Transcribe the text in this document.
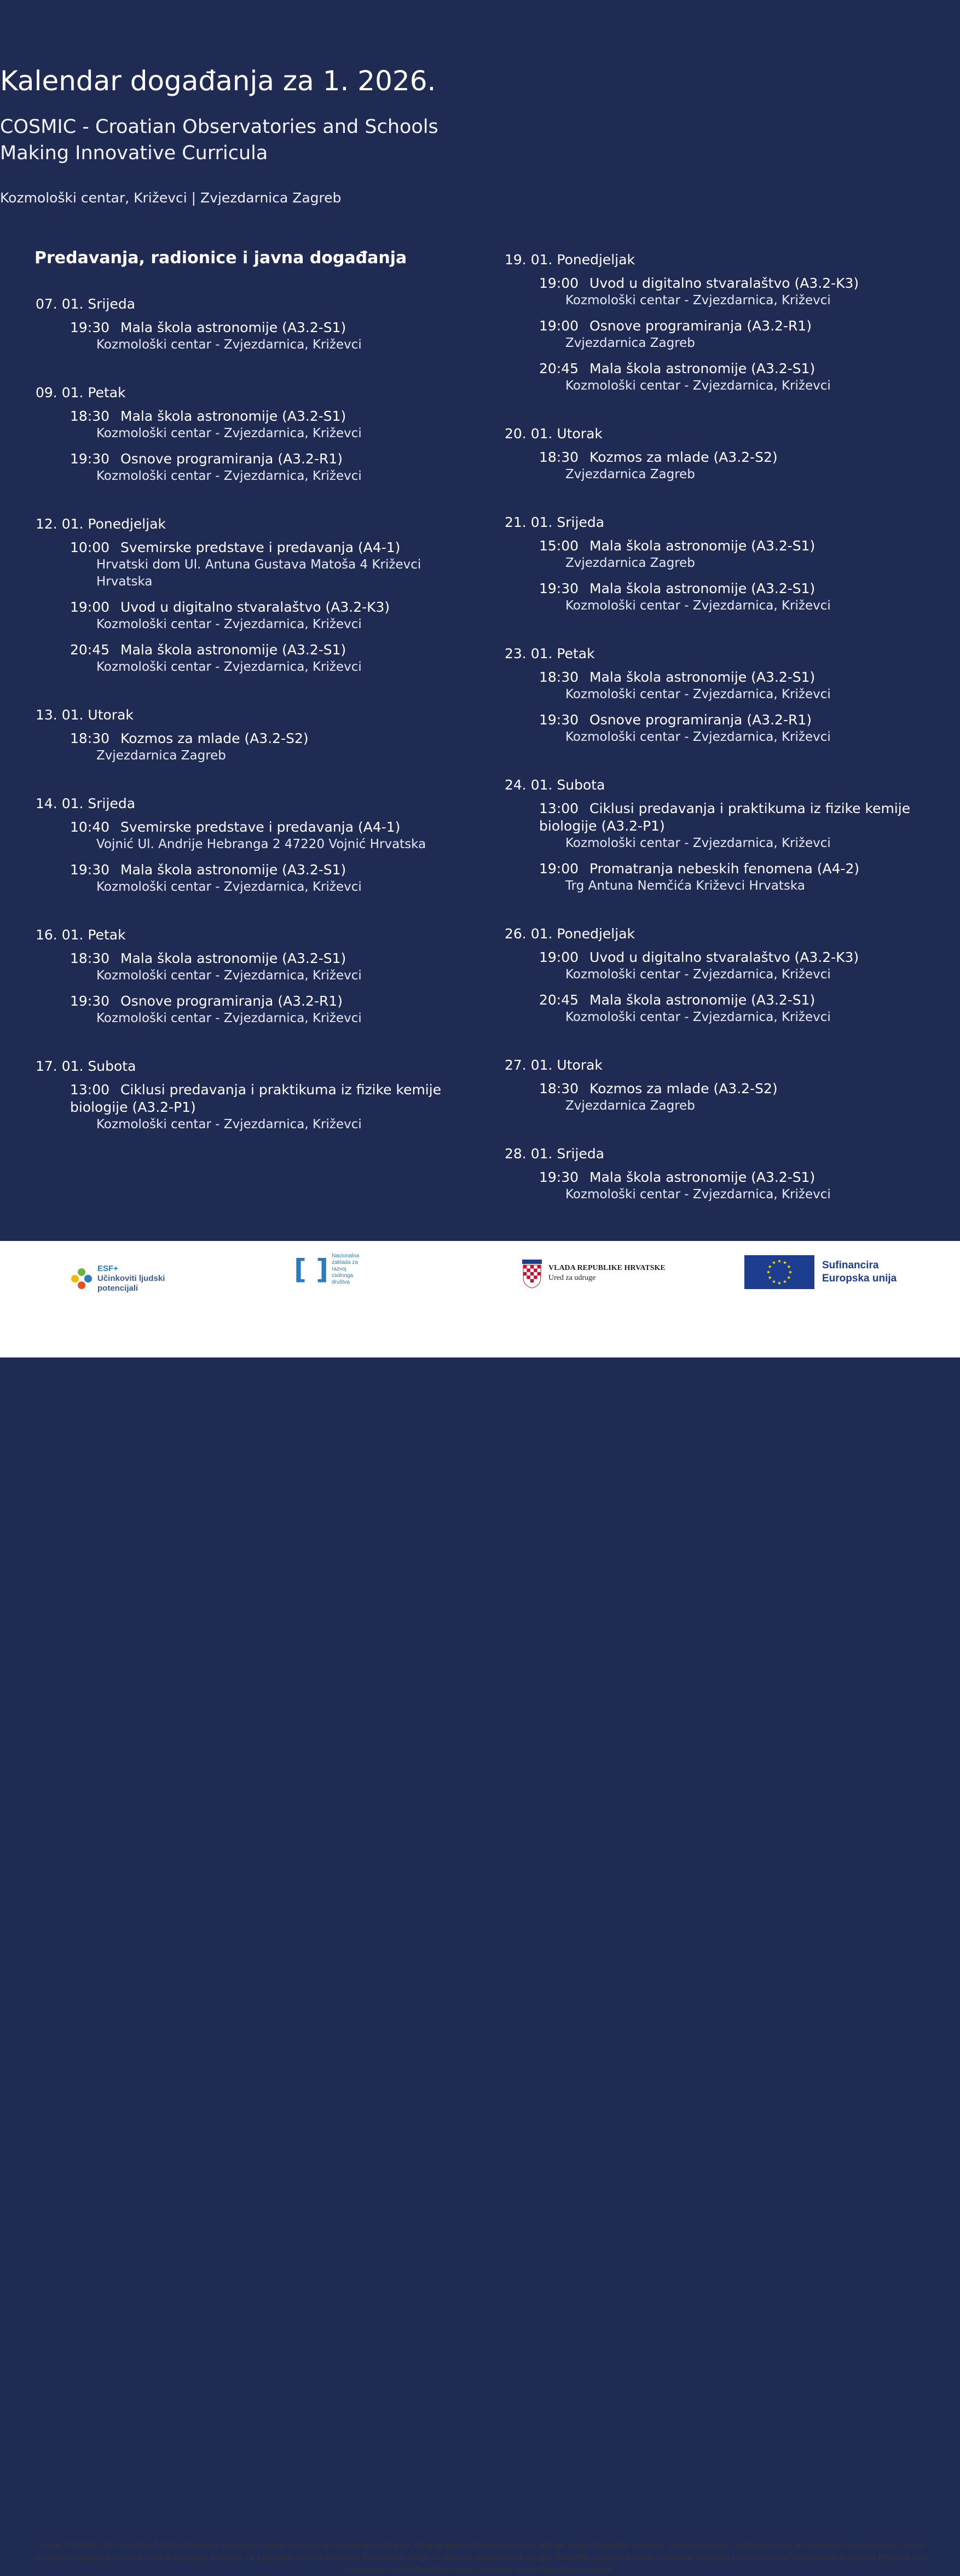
Kalendar događanja za 1. 2026.
COSMIC - Croatian Observatories and Schools
Making Innovative Curricula
Kozmološki centar, Križevci | Zvjezdarnica Zagreb
Predavanja, radionice i javna događanja
07. 01. Srijeda
19:30 Mala škola astronomije (A3.2-S1)
Kozmološki centar - Zvjezdarnica, Križevci
09. 01. Petak
18:30 Mala škola astronomije (A3.2-S1)
Kozmološki centar - Zvjezdarnica, Križevci
19:30 Osnove programiranja (A3.2-R1)
Kozmološki centar - Zvjezdarnica, Križevci
12. 01. Ponedjeljak
10:00 Svemirske predstave i predavanja (A4-1)
Hrvatski dom Ul. Antuna Gustava Matoša 4 Križevci Hrvatska
19:00 Uvod u digitalno stvaralaštvo (A3.2-K3)
Kozmološki centar - Zvjezdarnica, Križevci
20:45 Mala škola astronomije (A3.2-S1)
Kozmološki centar - Zvjezdarnica, Križevci
13. 01. Utorak
18:30 Kozmos za mlade (A3.2-S2)
Zvjezdarnica Zagreb
14. 01. Srijeda
10:40 Svemirske predstave i predavanja (A4-1)
Vojnić Ul. Andrije Hebranga 2 47220 Vojnić Hrvatska
19:30 Mala škola astronomije (A3.2-S1)
Kozmološki centar - Zvjezdarnica, Križevci
16. 01. Petak
18:30 Mala škola astronomije (A3.2-S1)
Kozmološki centar - Zvjezdarnica, Križevci
19:30 Osnove programiranja (A3.2-R1)
Kozmološki centar - Zvjezdarnica, Križevci
17. 01. Subota
13:00 Ciklusi predavanja i praktikuma iz fizike kemije biologije (A3.2-P1)
Kozmološki centar - Zvjezdarnica, Križevci
19. 01. Ponedjeljak
19:00 Uvod u digitalno stvaralaštvo (A3.2-K3)
Kozmološki centar - Zvjezdarnica, Križevci
19:00 Osnove programiranja (A3.2-R1)
Zvjezdarnica Zagreb
20:45 Mala škola astronomije (A3.2-S1)
Kozmološki centar - Zvjezdarnica, Križevci
20. 01. Utorak
18:30 Kozmos za mlade (A3.2-S2)
Zvjezdarnica Zagreb
21. 01. Srijeda
15:00 Mala škola astronomije (A3.2-S1)
Zvjezdarnica Zagreb
19:30 Mala škola astronomije (A3.2-S1)
Kozmološki centar - Zvjezdarnica, Križevci
23. 01. Petak
18:30 Mala škola astronomije (A3.2-S1)
Kozmološki centar - Zvjezdarnica, Križevci
19:30 Osnove programiranja (A3.2-R1)
Kozmološki centar - Zvjezdarnica, Križevci
24. 01. Subota
13:00 Ciklusi predavanja i praktikuma iz fizike kemije biologije (A3.2-P1)
Kozmološki centar - Zvjezdarnica, Križevci
19:00 Promatranja nebeskih fenomena (A4-2)
Trg Antuna Nemčića Križevci Hrvatska
26. 01. Ponedjeljak
19:00 Uvod u digitalno stvaralaštvo (A3.2-K3)
Kozmološki centar - Zvjezdarnica, Križevci
20:45 Mala škola astronomije (A3.2-S1)
Kozmološki centar - Zvjezdarnica, Križevci
27. 01. Utorak
18:30 Kozmos za mlade (A3.2-S2)
Zvjezdarnica Zagreb
28. 01. Srijeda
19:30 Mala škola astronomije (A3.2-S1)
Kozmološki centar - Zvjezdarnica, Križevci
ESF+
Učinkoviti ljudski
potencijali
[ ] Nacionalna
zaklada za
razvoj
civilnoga
društva
VLADA REPUBLIKE HRVATSKE
Ured za udruge
Sufinancira
Europska unija
Projekt COSMIC (SF.2.4.06.04.0129) sufinancira Europska unija iz Europskog socijalnog fonda plus. Ovaj projekt sufinancira Ured za udruge Vlade Republike Hrvatske. Izneseni stavovi i mišljenja samo su autorova i ne odražavaju nužno službena stajališta Europske unije ili Europske komisije. Ni Europska unija ni Europska komisija ne mogu se smatrati odgovornima za njih. Stajališta izražena u ovom programu isključiva su odgovornost Astronomskog društva Perzeidi i ne odražavaju nužno stajalište Ureda za udruge Vlade Republike Hrvatske.
